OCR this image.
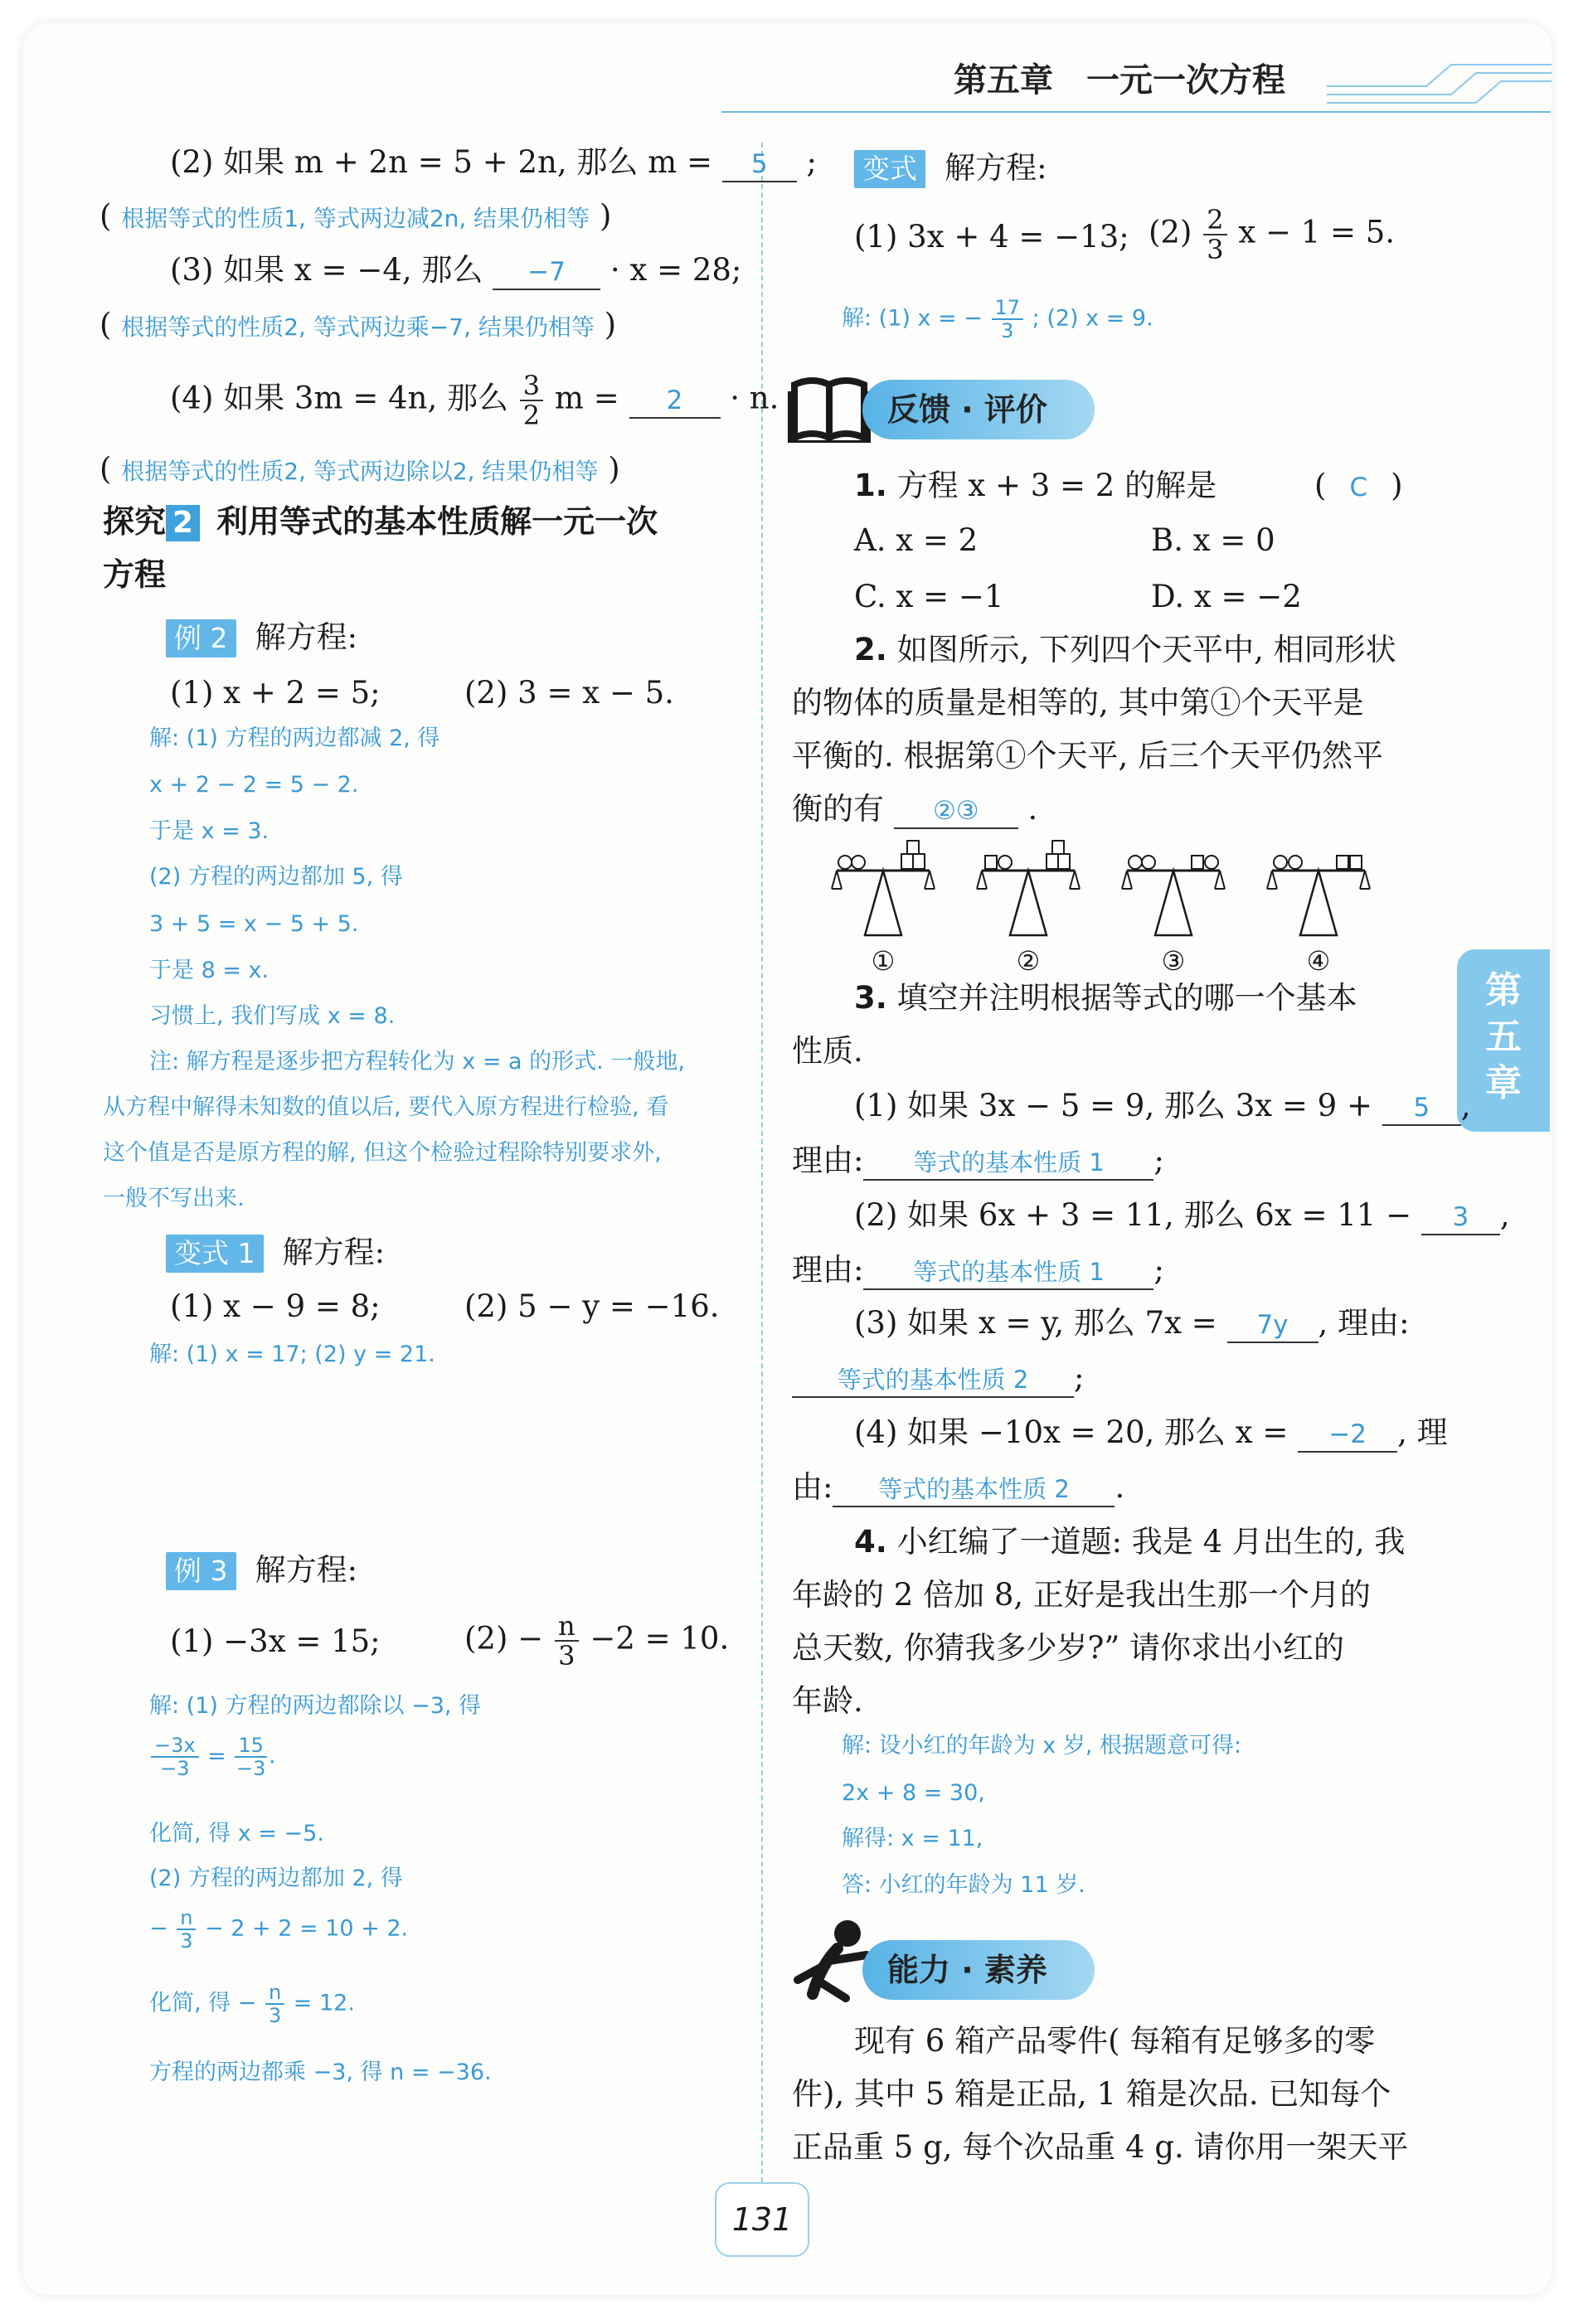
第五章 一元一次方程
第
五
章
(2) 如果 m + 2n = 5 + 2n, 那么 m = 5 ;
( 根据等式的性质1, 等式两边减2n, 结果仍相等 )
(3) 如果 x = −4, 那么 −7 · x = 28;
( 根据等式的性质2, 等式两边乘−7, 结果仍相等 )
(4) 如果 3m = 4n, 那么 $\frac{3}{2}$ m = 2 · n.
( 根据等式的性质2, 等式两边除以2, 结果仍相等 )
探究 2 利用等式的基本性质解一元一次
方程
例 2 解方程:
(1) x + 2 = 5;	(2) 3 = x − 5.
解: (1) 方程的两边都减 2, 得
x + 2 − 2 = 5 − 2.
于是 x = 3.
(2) 方程的两边都加 5, 得
3 + 5 = x − 5 + 5.
于是 8 = x.
习惯上, 我们写成 x = 8.
注: 解方程是逐步把方程转化为 x = a 的形式. 一般地,
从方程中解得未知数的值以后, 要代入原方程进行检验, 看
这个值是否是原方程的解, 但这个检验过程除特别要求外,
一般不写出来.
变式 1 解方程:
(1) x − 9 = 8;	(2) 5 − y = −16.
解: (1) x = 17; (2) y = 21.
例 3 解方程:
(1) −3x = 15;	$(2) - \frac{n}{3} -2 = 10$.
解: (1) 方程的两边都除以 −3, 得
$\frac{-3x}{-3} = \frac{15}{-3}$ .
化简, 得 x = −5.
(2) 方程的两边都加 2, 得
− $\frac{n}{3} - 2 + 2 = 10 + 2$.
化简, 得 − $\frac{n}{3} = 12$.
方程的两边都乘 −3, 得 n = −36.
变式 解方程:
(1) 3x + 4 = −13; $(2) \frac{2}{3}$ x − 1 = 5.
解: (1) x = − $\frac{17}{3}$ ; (2) x = 9.
反馈 · 评价
1. 方程 x + 3 = 2 的解是	( C )
A. x = 2	B. x = 0
C. x = −1	D. x = −2
2. 如图所示, 下列四个天平中, 相同形状
的物体的质量是相等的, 其中第①个天平是
平衡的. 根据第①个天平, 后三个天平仍然平
衡的有 ②③ .
①	②	③	④
3. 填空并注明根据等式的哪一个基本
性质.
(1) 如果 3x − 5 = 9, 那么 3x = 9 + 5 ,
理由: 等式的基本性质 1 ;
(2) 如果 6x + 3 = 11, 那么 6x = 11 − 3 ,
理由: 等式的基本性质 1 ;
(3) 如果 x = y, 那么 7x = 7y , 理由:
等式的基本性质 2 ;
(4) 如果 −10x = 20, 那么 x = −2 , 理
由: 等式的基本性质 2 .
4. 小红编了一道题: 我是 4 月出生的, 我
年龄的 2 倍加 8, 正好是我出生那一个月的
总天数, 你猜我多少岁?” 请你求出小红的
年龄.
解: 设小红的年龄为 x 岁, 根据题意可得:
2x + 8 = 30,
解得: x = 11,
答: 小红的年龄为 11 岁.
能力 · 素养
现有 6 箱产品零件( 每箱有足够多的零
件), 其中 5 箱是正品, 1 箱是次品. 已知每个
正品重 5 g, 每个次品重 4 g. 请你用一架天平
131
